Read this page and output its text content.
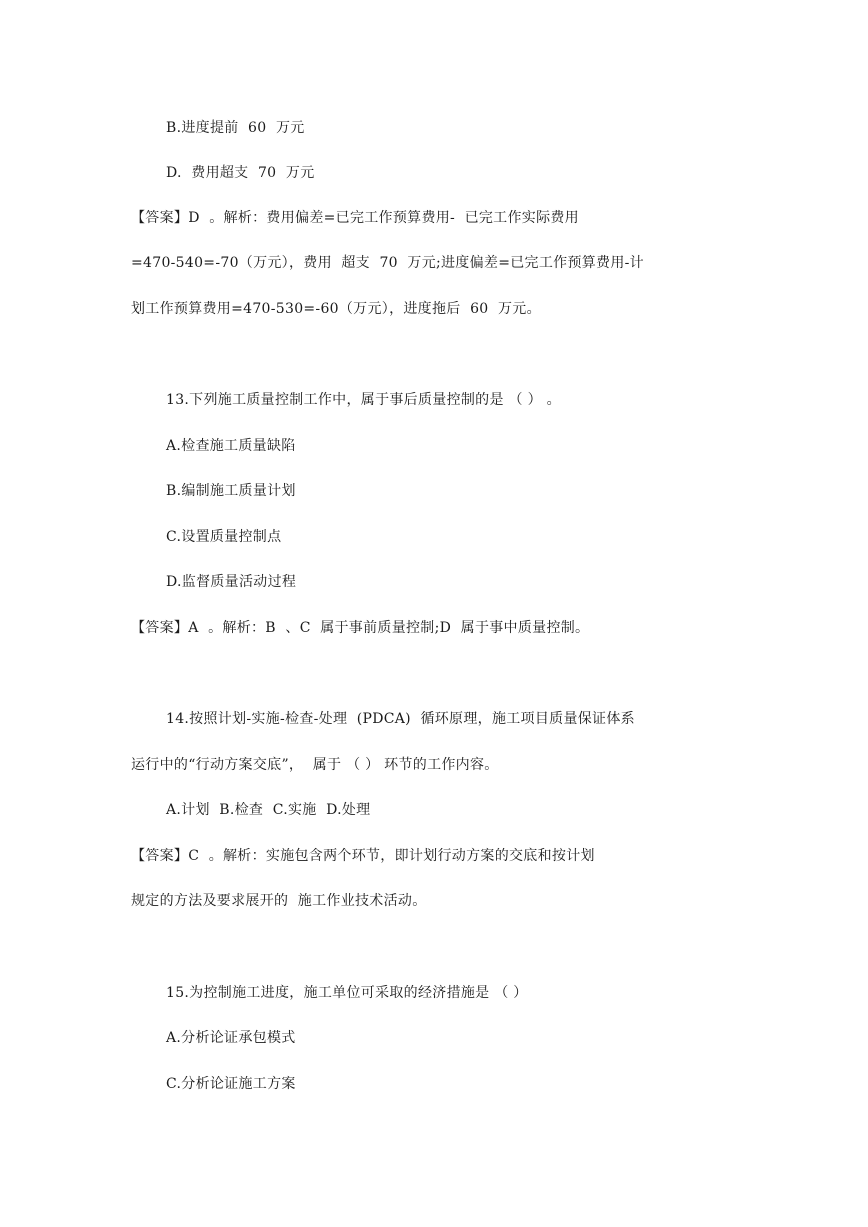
B.进度提前  60  万元
D.  费用超支  70  万元
【答案】D  。解析：费用偏差=已完工作预算费用-  已完工作实际费用
=470-540=-70（万元），费用  超支  70  万元;进度偏差=已完工作预算费用-计
划工作预算费用=470-530=-60（万元），进度拖后  60  万元。
13.下列施工质量控制工作中，属于事后质量控制的是 （ ） 。
A.检查施工质量缺陷
B.编制施工质量计划
C.设置质量控制点
D.监督质量活动过程
【答案】A  。解析：B  、C  属于事前质量控制;D  属于事中质量控制。
14.按照计划-实施-检查-处理  (PDCA)  循环原理，施工项目质量保证体系
运行中的“行动方案交底”，  属于 （ ） 环节的工作内容。
A.计划  B.检查  C.实施  D.处理
【答案】C  。解析：实施包含两个环节，即计划行动方案的交底和按计划
规定的方法及要求展开的  施工作业技术活动。
15.为控制施工进度，施工单位可采取的经济措施是 （ ）
A.分析论证承包模式
C.分析论证施工方案
